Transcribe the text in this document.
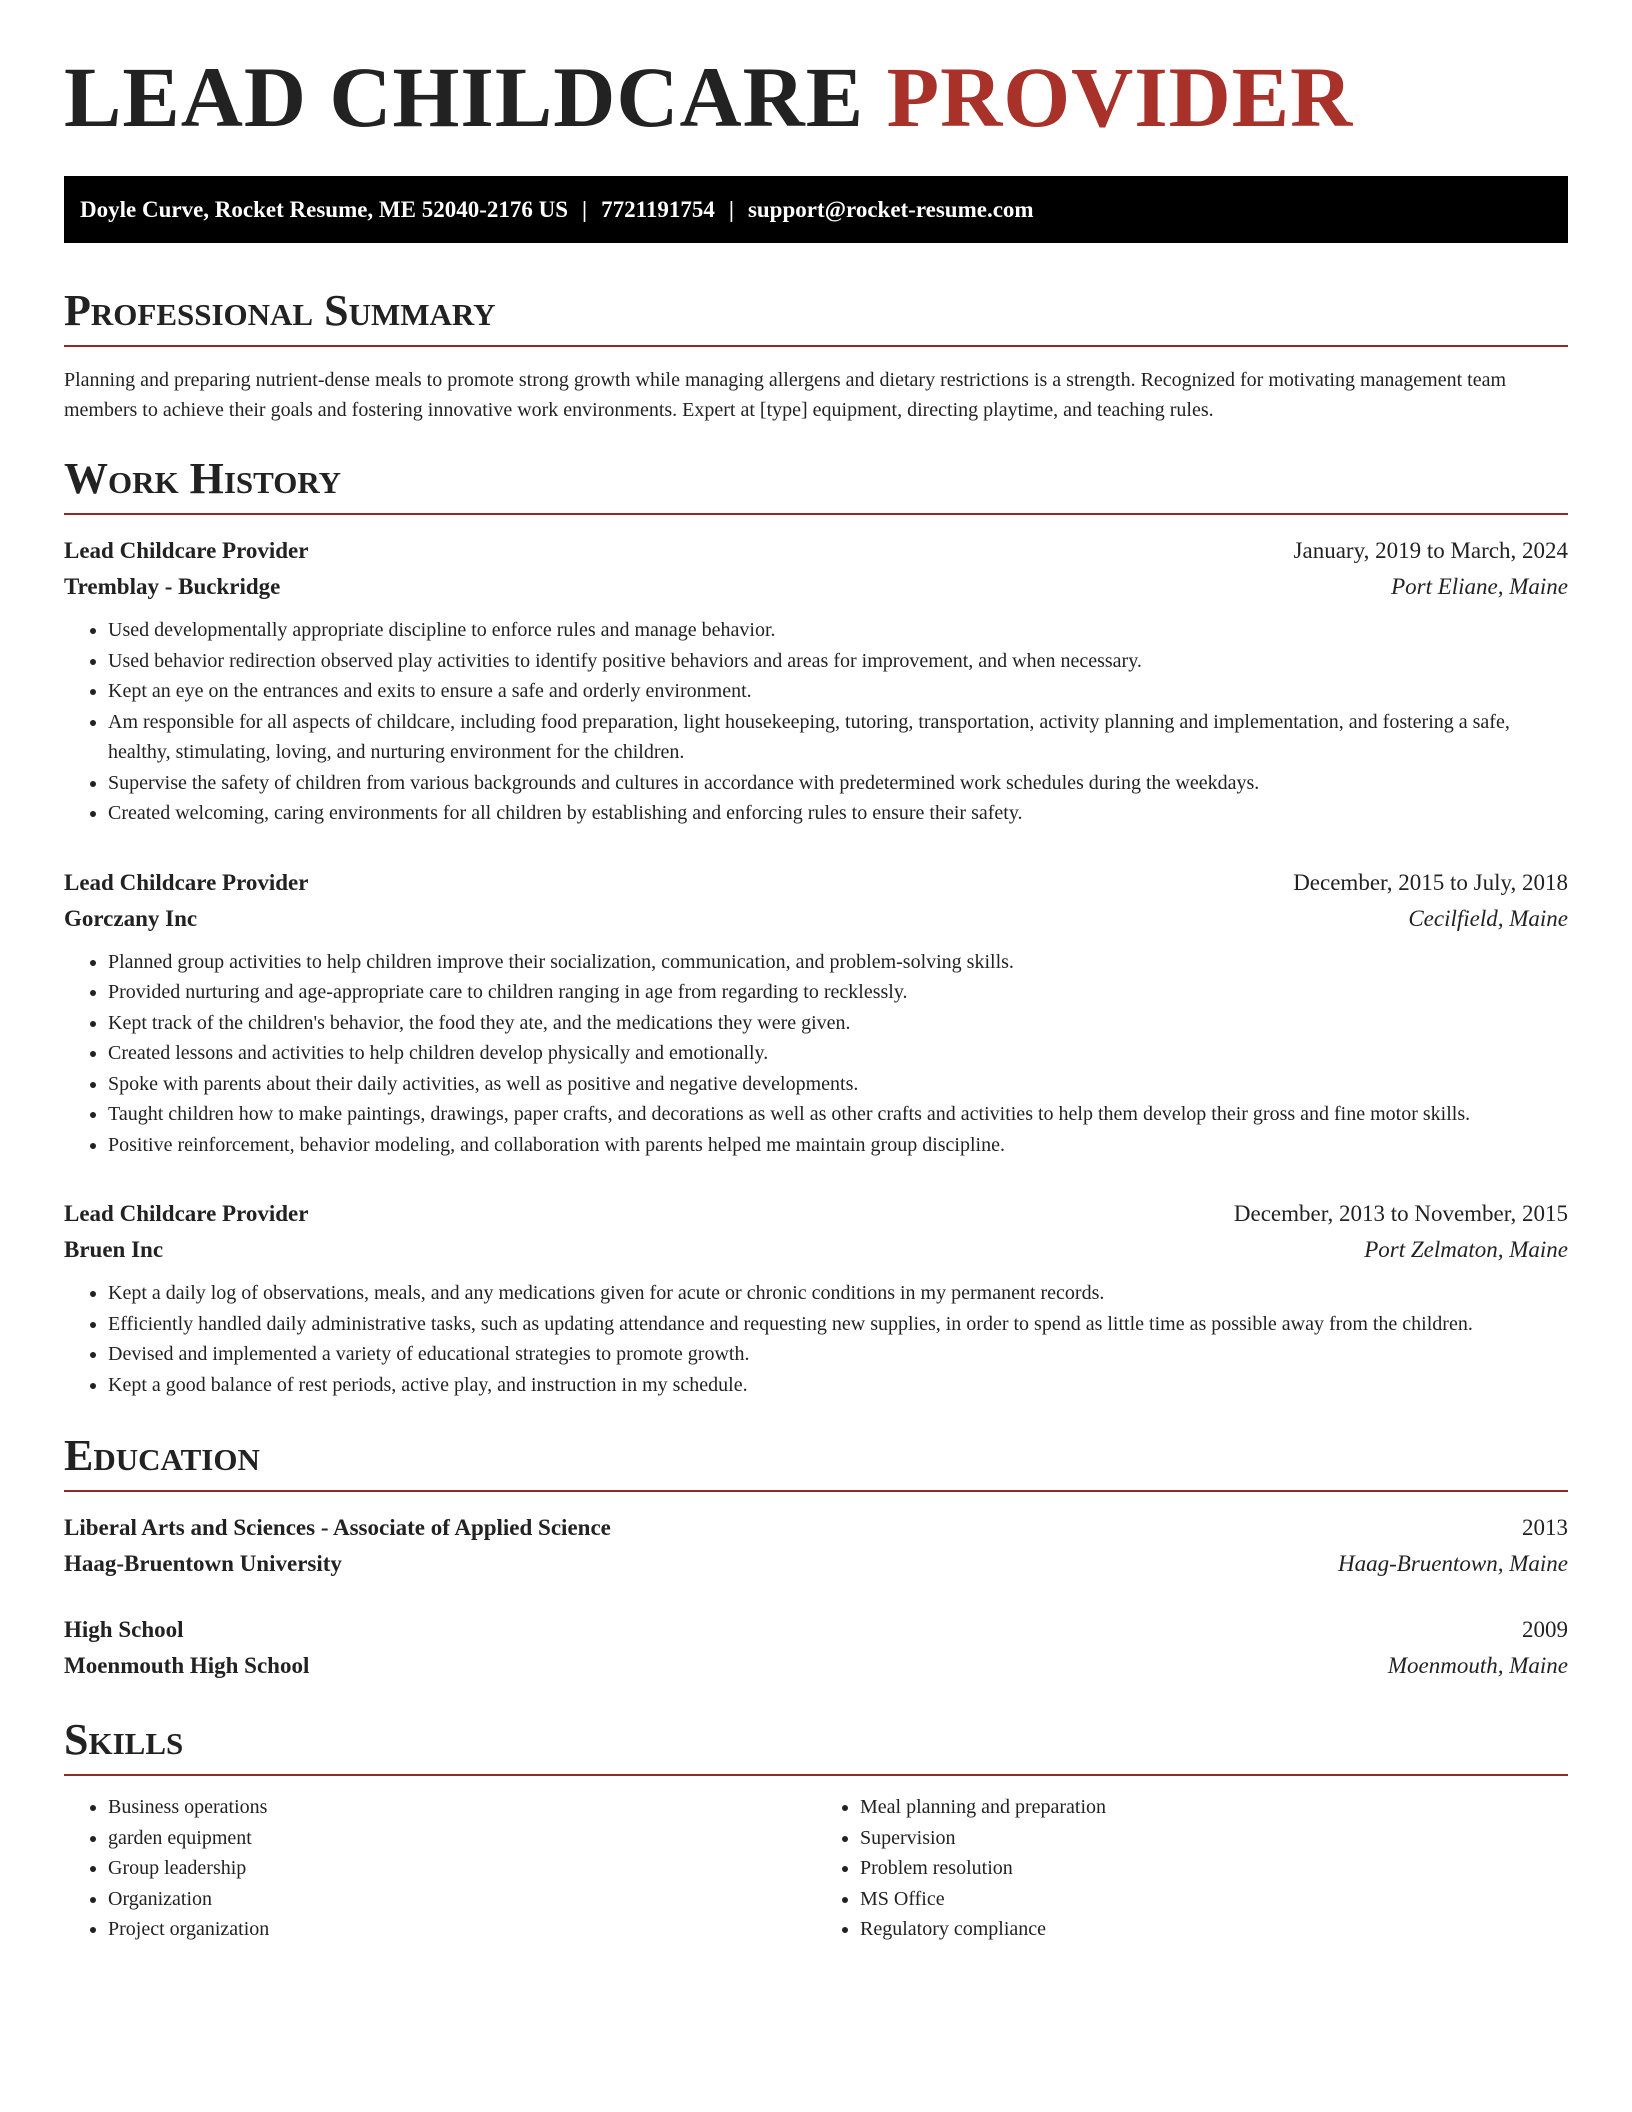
LEAD CHILDCARE PROVIDER
Doyle Curve, Rocket Resume, ME 52040-2176 US | 7721191754 | support@rocket-resume.com
Professional Summary

Planning and preparing nutrient-dense meals to promote strong growth while managing allergens and dietary restrictions is a strength. Recognized for motivating management team members to achieve their goals and fostering innovative work environments. Expert at [type] equipment, directing playtime, and teaching rules.

Work History
Lead Childcare Provider	January, 2019 to March, 2024
Tremblay - Buckridge	Port Eliane, Maine
• Used developmentally appropriate discipline to enforce rules and manage behavior.
• Used behavior redirection observed play activities to identify positive behaviors and areas for improvement, and when necessary.
• Kept an eye on the entrances and exits to ensure a safe and orderly environment.
• Am responsible for all aspects of childcare, including food preparation, light housekeeping, tutoring, transportation, activity planning and implementation, and fostering a safe, healthy, stimulating, loving, and nurturing environment for the children.
• Supervise the safety of children from various backgrounds and cultures in accordance with predetermined work schedules during the weekdays.
• Created welcoming, caring environments for all children by establishing and enforcing rules to ensure their safety.
Lead Childcare Provider	December, 2015 to July, 2018
Gorczany Inc	Cecilfield, Maine
• Planned group activities to help children improve their socialization, communication, and problem-solving skills.
• Provided nurturing and age-appropriate care to children ranging in age from regarding to recklessly.
• Kept track of the children's behavior, the food they ate, and the medications they were given.
• Created lessons and activities to help children develop physically and emotionally.
• Spoke with parents about their daily activities, as well as positive and negative developments.
• Taught children how to make paintings, drawings, paper crafts, and decorations as well as other crafts and activities to help them develop their gross and fine motor skills.
• Positive reinforcement, behavior modeling, and collaboration with parents helped me maintain group discipline.
Lead Childcare Provider	December, 2013 to November, 2015
Bruen Inc	Port Zelmaton, Maine
• Kept a daily log of observations, meals, and any medications given for acute or chronic conditions in my permanent records.
• Efficiently handled daily administrative tasks, such as updating attendance and requesting new supplies, in order to spend as little time as possible away from the children.
• Devised and implemented a variety of educational strategies to promote growth.
• Kept a good balance of rest periods, active play, and instruction in my schedule.
Education
Liberal Arts and Sciences - Associate of Applied Science	2013
Haag-Bruentown University	Haag-Bruentown, Maine
High School	2009
Moenmouth High School	Moenmouth, Maine
Skills
• Business operations
• garden equipment
• Group leadership
• Organization
• Project organization
• Meal planning and preparation
• Supervision
• Problem resolution
• MS Office
• Regulatory compliance
